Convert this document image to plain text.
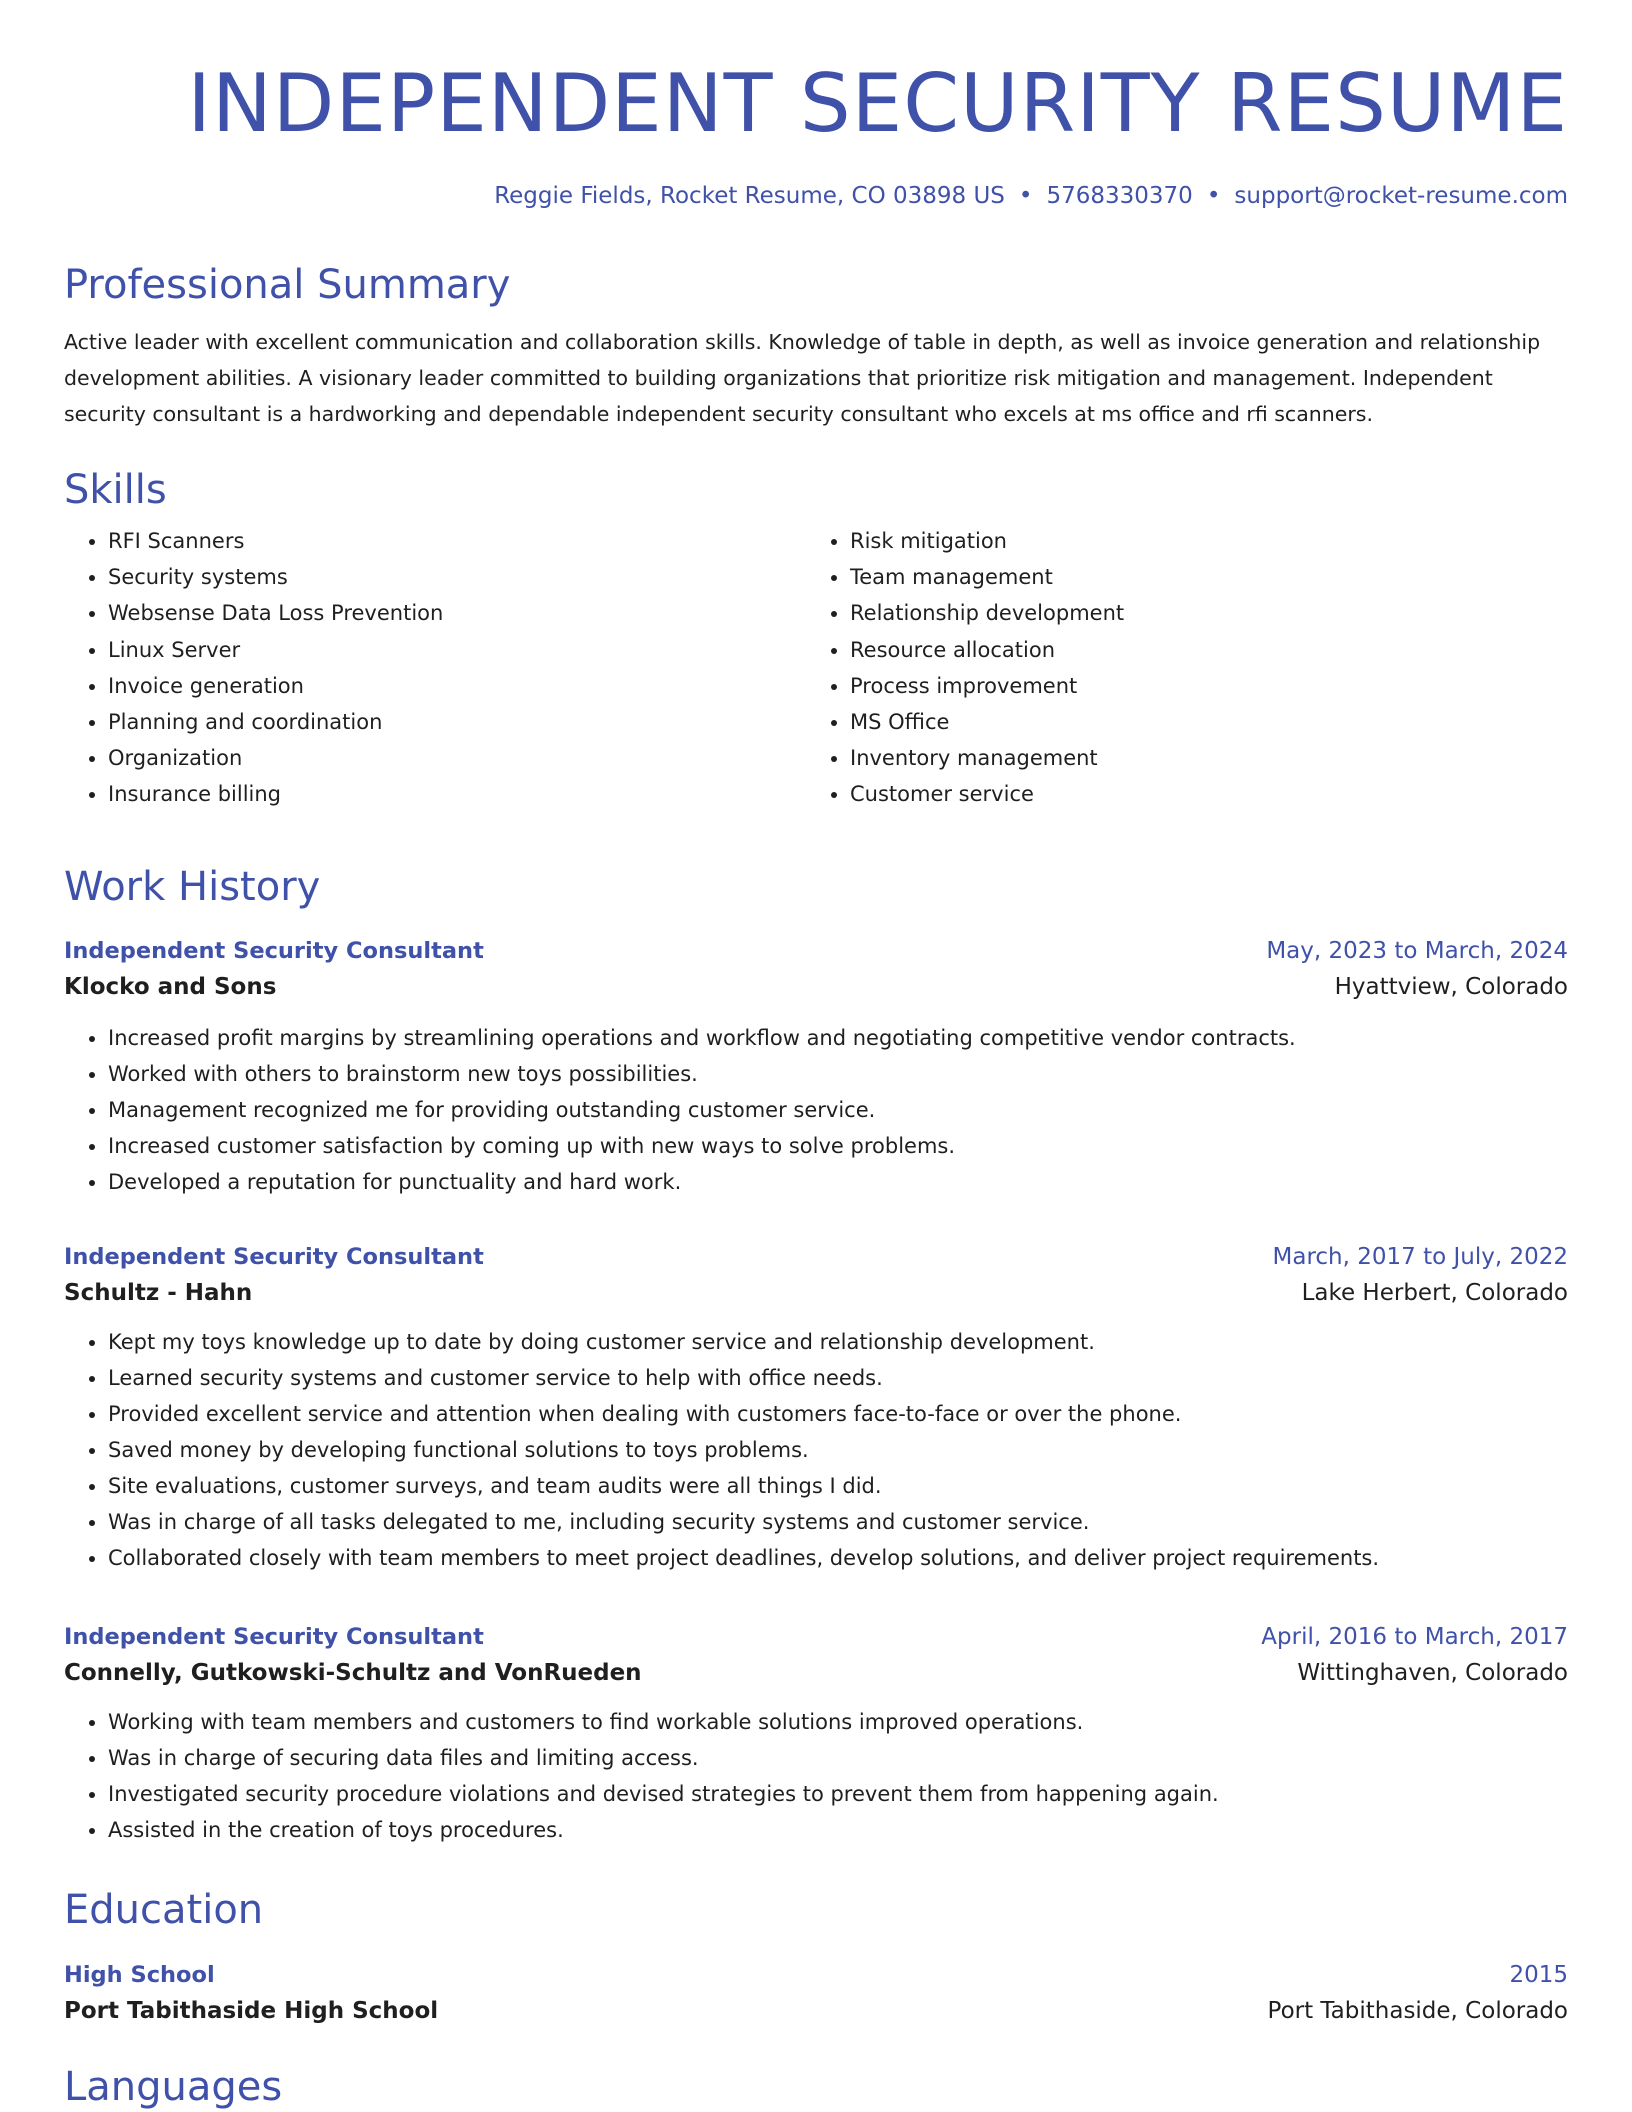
INDEPENDENT SECURITY RESUME
Reggie Fields, Rocket Resume, CO 03898 US • 5768330370 • support@rocket-resume.com
Professional Summary

Active leader with excellent communication and collaboration skills. Knowledge of table in depth, as well as invoice generation and relationship development abilities. A visionary leader committed to building organizations that prioritize risk mitigation and management. Independent security consultant is a hardworking and dependable independent security consultant who excels at ms office and rfi scanners.

Skills
• RFI Scanners
• Security systems
• Websense Data Loss Prevention
• Linux Server
• Invoice generation
• Planning and coordination
• Organization
• Insurance billing
• Risk mitigation
• Team management
• Relationship development
• Resource allocation
• Process improvement
• MS Office
• Inventory management
• Customer service
Work History
Independent Security Consultant	May, 2023 to March, 2024
Klocko and Sons	Hyattview, Colorado
• Increased profit margins by streamlining operations and workflow and negotiating competitive vendor contracts.
• Worked with others to brainstorm new toys possibilities.
• Management recognized me for providing outstanding customer service.
• Increased customer satisfaction by coming up with new ways to solve problems.
• Developed a reputation for punctuality and hard work.
Independent Security Consultant	March, 2017 to July, 2022
Schultz - Hahn	Lake Herbert, Colorado
• Kept my toys knowledge up to date by doing customer service and relationship development.
• Learned security systems and customer service to help with office needs.
• Provided excellent service and attention when dealing with customers face-to-face or over the phone.
• Saved money by developing functional solutions to toys problems.
• Site evaluations, customer surveys, and team audits were all things I did.
• Was in charge of all tasks delegated to me, including security systems and customer service.
• Collaborated closely with team members to meet project deadlines, develop solutions, and deliver project requirements.
Independent Security Consultant	April, 2016 to March, 2017
Connelly, Gutkowski-Schultz and VonRueden	Wittinghaven, Colorado
• Working with team members and customers to find workable solutions improved operations.
• Was in charge of securing data files and limiting access.
• Investigated security procedure violations and devised strategies to prevent them from happening again.
• Assisted in the creation of toys procedures.
Education
High School	2015
Port Tabithaside High School	Port Tabithaside, Colorado
Languages
